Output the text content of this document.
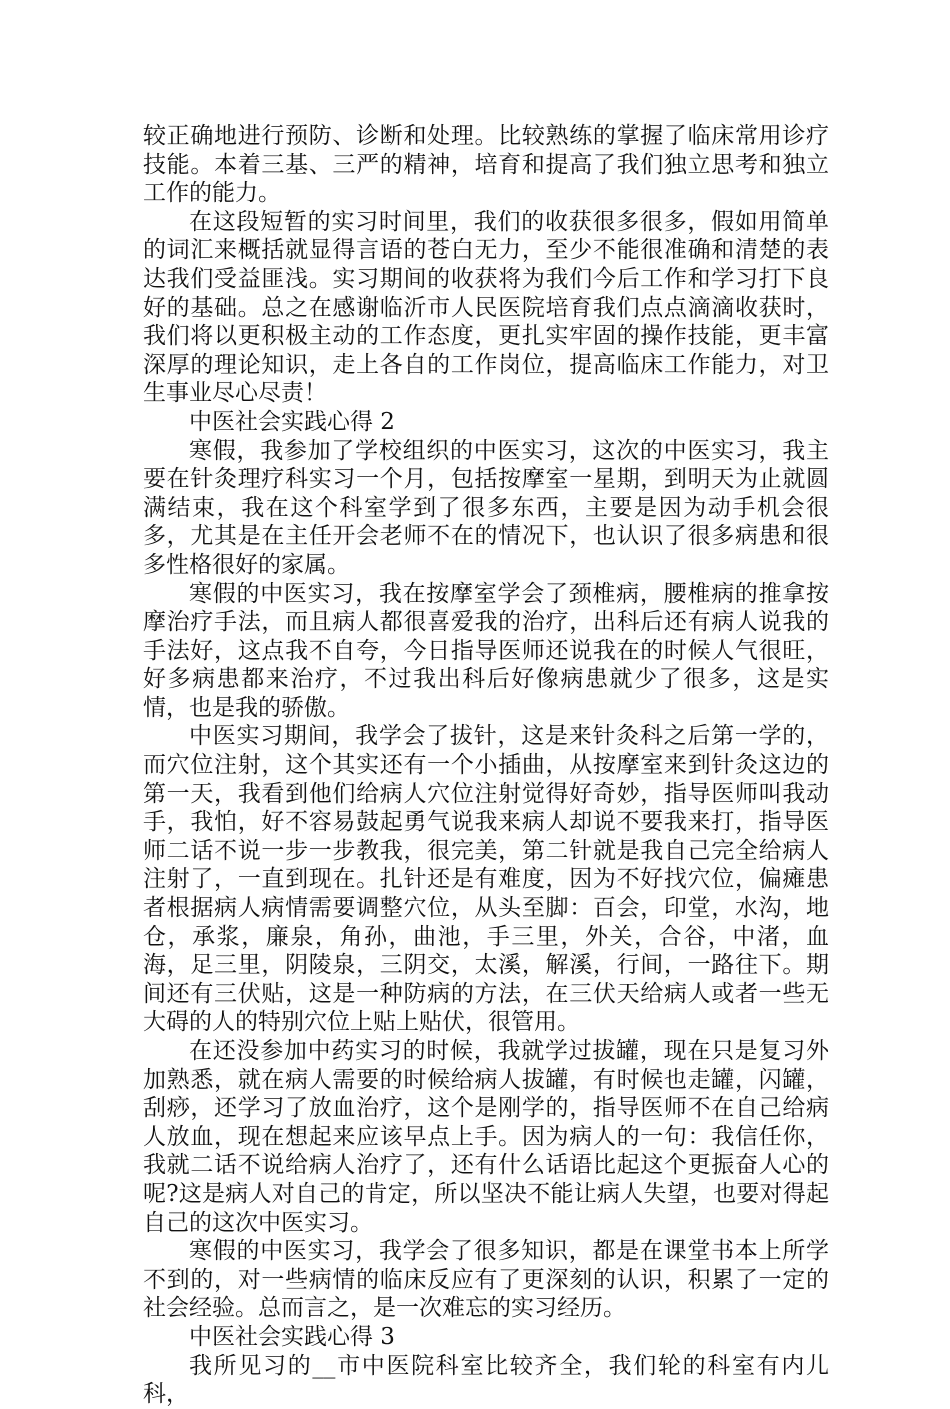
较正确地进行预防、诊断和处理。比较熟练的掌握了临床常用诊疗技能。本着三基、三严的精神，培育和提高了我们独立思考和独立工作的能力。

在这段短暂的实习时间里，我们的收获很多很多，假如用简单的词汇来概括就显得言语的苍白无力，至少不能很准确和清楚的表达我们受益匪浅。实习期间的收获将为我们今后工作和学习打下良好的基础。总之在感谢临沂市人民医院培育我们点点滴滴收获时，我们将以更积极主动的工作态度，更扎实牢固的操作技能，更丰富深厚的理论知识，走上各自的工作岗位，提高临床工作能力，对卫生事业尽心尽责！

中医社会实践心得 2

寒假，我参加了学校组织的中医实习，这次的中医实习，我主要在针灸理疗科实习一个月，包括按摩室一星期，到明天为止就圆满结束，我在这个科室学到了很多东西，主要是因为动手机会很多，尤其是在主任开会老师不在的情况下，也认识了很多病患和很多性格很好的家属。

寒假的中医实习，我在按摩室学会了颈椎病，腰椎病的推拿按摩治疗手法，而且病人都很喜爱我的治疗，出科后还有病人说我的手法好，这点我不自夸，今日指导医师还说我在的时候人气很旺，好多病患都来治疗，不过我出科后好像病患就少了很多，这是实情，也是我的骄傲。

中医实习期间，我学会了拔针，这是来针灸科之后第一学的，而穴位注射，这个其实还有一个小插曲，从按摩室来到针灸这边的第一天，我看到他们给病人穴位注射觉得好奇妙，指导医师叫我动手，我怕，好不容易鼓起勇气说我来病人却说不要我来打，指导医师二话不说一步一步教我，很完美，第二针就是我自己完全给病人注射了，一直到现在。扎针还是有难度，因为不好找穴位，偏瘫患者根据病人病情需要调整穴位，从头至脚：百会，印堂，水沟，地仓，承浆，廉泉，角孙，曲池，手三里，外关，合谷，中渚，血海，足三里，阴陵泉，三阴交，太溪，解溪，行间，一路往下。期间还有三伏贴，这是一种防病的方法，在三伏天给病人或者一些无大碍的人的特别穴位上贴上贴伏，很管用。

在还没参加中药实习的时候，我就学过拔罐，现在只是复习外加熟悉，就在病人需要的时候给病人拔罐，有时候也走罐，闪罐，刮痧，还学习了放血治疗，这个是刚学的，指导医师不在自己给病人放血，现在想起来应该早点上手。因为病人的一句：我信任你，我就二话不说给病人治疗了，还有什么话语比起这个更振奋人心的呢?这是病人对自己的肯定，所以坚决不能让病人失望，也要对得起自己的这次中医实习。

寒假的中医实习，我学会了很多知识，都是在课堂书本上所学不到的，对一些病情的临床反应有了更深刻的认识，积累了一定的社会经验。总而言之，是一次难忘的实习经历。

中医社会实践心得 3

我所见习的__市中医院科室比较齐全，我们轮的科室有内儿科，
